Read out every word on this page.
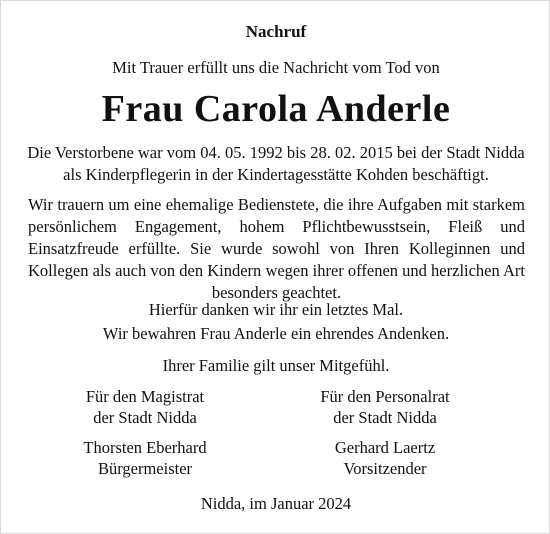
Nachruf
Mit Trauer erfüllt uns die Nachricht vom Tod von
Frau Carola Anderle
Die Verstorbene war vom 04. 05. 1992 bis 28. 02. 2015 bei der Stadt Nidda als Kinderpflegerin in der Kindertagesstätte Kohden beschäftigt.
Wir trauern um eine ehemalige Bedienstete, die ihre Aufgaben mit starkem persönlichem Engagement, hohem Pflichtbewusstsein, Fleiß und Einsatzfreude erfüllte. Sie wurde sowohl von Ihren Kolleginnen und Kollegen als auch von den Kindern wegen ihrer offenen und herzlichen Art besonders geachtet.
Hierfür danken wir ihr ein letztes Mal.
Wir bewahren Frau Anderle ein ehrendes Andenken.
Ihrer Familie gilt unser Mitgefühl.
Für den Magistrat
der Stadt Nidda
Für den Personalrat
der Stadt Nidda
Thorsten Eberhard
Bürgermeister
Gerhard Laertz
Vorsitzender
Nidda, im Januar 2024
